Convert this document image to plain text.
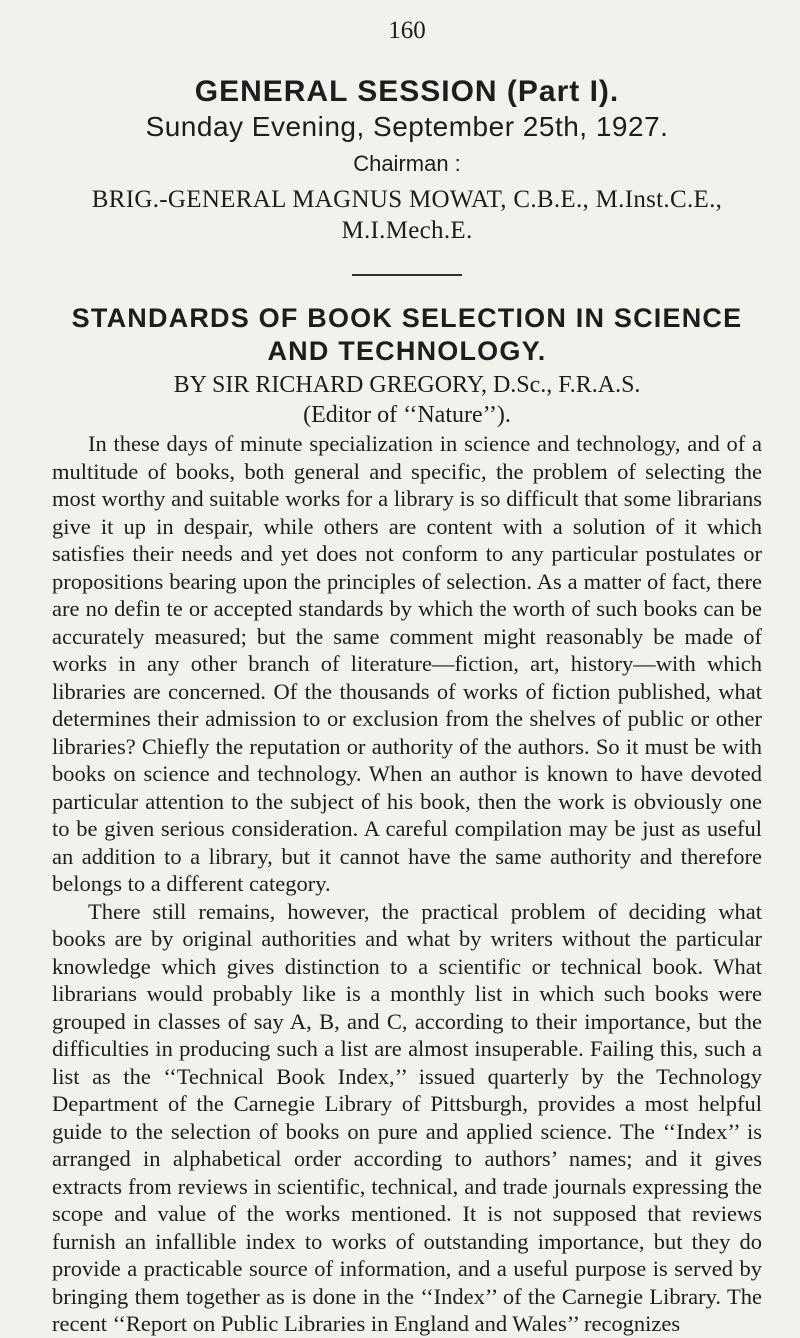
160
GENERAL SESSION (Part I).
Sunday Evening, September 25th, 1927.
Chairman :
BRIG.-GENERAL MAGNUS MOWAT, C.B.E., M.Inst.C.E., M.I.Mech.E.
STANDARDS OF BOOK SELECTION IN SCIENCE AND TECHNOLOGY.
BY SIR RICHARD GREGORY, D.Sc., F.R.A.S.
(Editor of ‘‘Nature’’).

In these days of minute specialization in science and technology, and of a multitude of books, both general and specific, the problem of selecting the most worthy and suitable works for a library is so difficult that some librarians give it up in despair, while others are content with a solution of it which satisfies their needs and yet does not conform to any particular postulates or propositions bearing upon the principles of selection. As a matter of fact, there are no defin te or accepted standards by which the worth of such books can be accurately measured; but the same comment might reasonably be made of works in any other branch of literature—fiction, art, history—with which libraries are concerned. Of the thousands of works of fiction published, what determines their admission to or exclusion from the shelves of public or other libraries? Chiefly the reputation or authority of the authors. So it must be with books on science and technology. When an author is known to have devoted particular attention to the subject of his book, then the work is obviously one to be given serious consideration. A careful compilation may be just as useful an addition to a library, but it cannot have the same authority and therefore belongs to a different category.

There still remains, however, the practical problem of deciding what books are by original authorities and what by writers without the particular knowledge which gives distinction to a scientific or technical book. What librarians would probably like is a monthly list in which such books were grouped in classes of say A, B, and C, according to their importance, but the difficulties in producing such a list are almost insuperable. Failing this, such a list as the ‘‘Technical Book Index,’’ issued quarterly by the Technology Department of the Carnegie Library of Pittsburgh, provides a most helpful guide to the selection of books on pure and applied science. The ‘‘Index’’ is arranged in alphabetical order according to authors’ names; and it gives extracts from reviews in scientific, technical, and trade journals expressing the scope and value of the works mentioned. It is not supposed that reviews furnish an infallible index to works of outstanding importance, but they do provide a practicable source of information, and a useful purpose is served by bringing them together as is done in the ‘‘Index’’ of the Carnegie Library. The recent ‘‘Report on Public Libraries in England and Wales’’ recognizes
